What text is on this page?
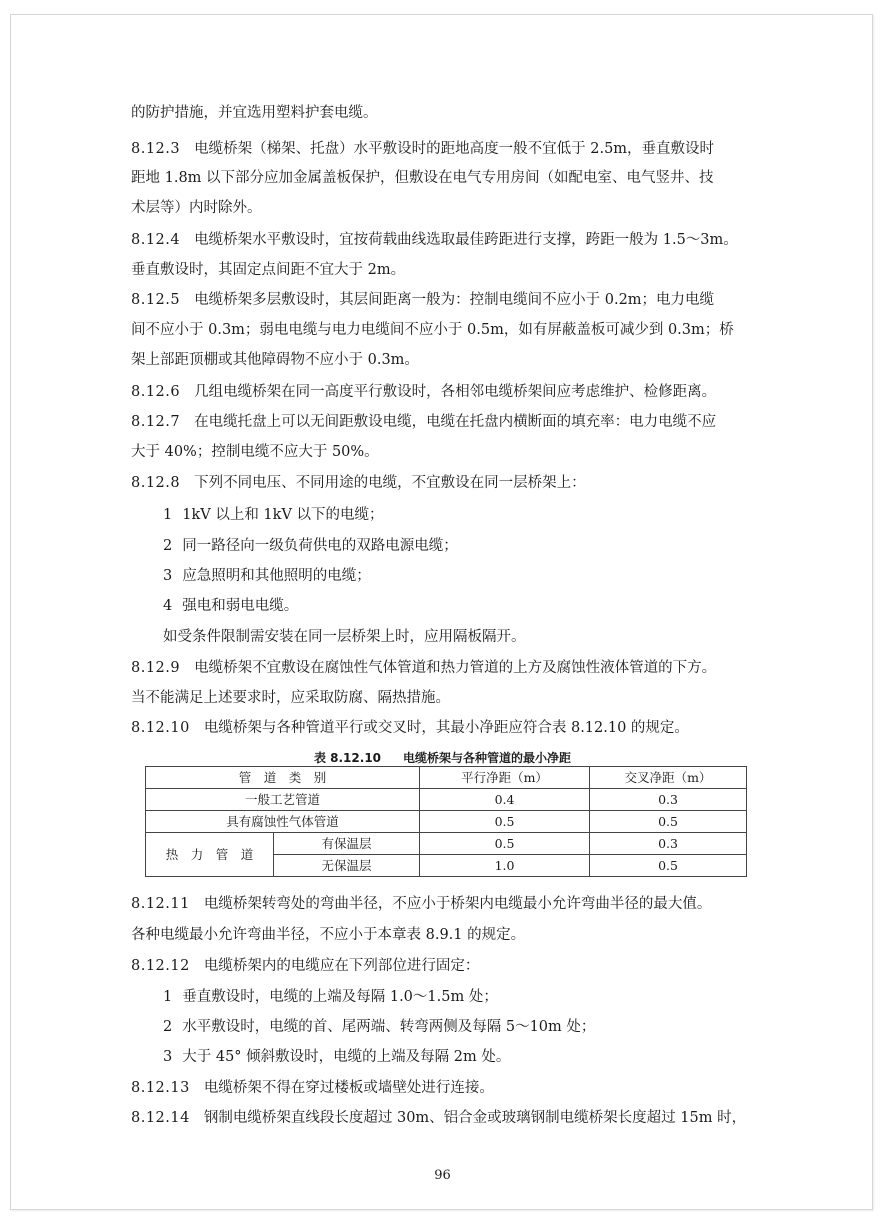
的防护措施，并宜选用塑料护套电缆。
8.12.3 电缆桥架（梯架、托盘）水平敷设时的距地高度一般不宜低于 2.5m，垂直敷设时
距地 1.8m 以下部分应加金属盖板保护，但敷设在电气专用房间（如配电室、电气竖井、技
术层等）内时除外。
8.12.4 电缆桥架水平敷设时，宜按荷载曲线选取最佳跨距进行支撑，跨距一般为 1.5～3m。
垂直敷设时，其固定点间距不宜大于 2m。
8.12.5 电缆桥架多层敷设时，其层间距离一般为：控制电缆间不应小于 0.2m；电力电缆
间不应小于 0.3m；弱电电缆与电力电缆间不应小于 0.5m，如有屏蔽盖板可减少到 0.3m；桥
架上部距顶棚或其他障碍物不应小于 0.3m。
8.12.6 几组电缆桥架在同一高度平行敷设时，各相邻电缆桥架间应考虑维护、检修距离。
8.12.7 在电缆托盘上可以无间距敷设电缆，电缆在托盘内横断面的填充率：电力电缆不应
大于 40%；控制电缆不应大于 50%。
8.12.8 下列不同电压、不同用途的电缆，不宜敷设在同一层桥架上：
1 1kV 以上和 1kV 以下的电缆；
2 同一路径向一级负荷供电的双路电源电缆；
3 应急照明和其他照明的电缆；
4 强电和弱电电缆。
如受条件限制需安装在同一层桥架上时，应用隔板隔开。
8.12.9 电缆桥架不宜敷设在腐蚀性气体管道和热力管道的上方及腐蚀性液体管道的下方。
当不能满足上述要求时，应采取防腐、隔热措施。
8.12.10 电缆桥架与各种管道平行或交叉时，其最小净距应符合表 8.12.10 的规定。
表 8.12.10 电缆桥架与各种管道的最小净距
管　道　类　别		平行净距（m）	交叉净距（m）
一般工艺管道		0.4	0.3
具有腐蚀性气体管道		0.5	0.5
热　力　管　道	有保温层	0.5	0.3
	无保温层	1.0	0.5
8.12.11 电缆桥架转弯处的弯曲半径，不应小于桥架内电缆最小允许弯曲半径的最大值。
各种电缆最小允许弯曲半径，不应小于本章表 8.9.1 的规定。
8.12.12 电缆桥架内的电缆应在下列部位进行固定：
1 垂直敷设时，电缆的上端及每隔 1.0～1.5m 处；
2 水平敷设时，电缆的首、尾两端、转弯两侧及每隔 5～10m 处；
3 大于 45° 倾斜敷设时，电缆的上端及每隔 2m 处。
8.12.13 电缆桥架不得在穿过楼板或墙壁处进行连接。
8.12.14 钢制电缆桥架直线段长度超过 30m、铝合金或玻璃钢制电缆桥架长度超过 15m 时，
96
